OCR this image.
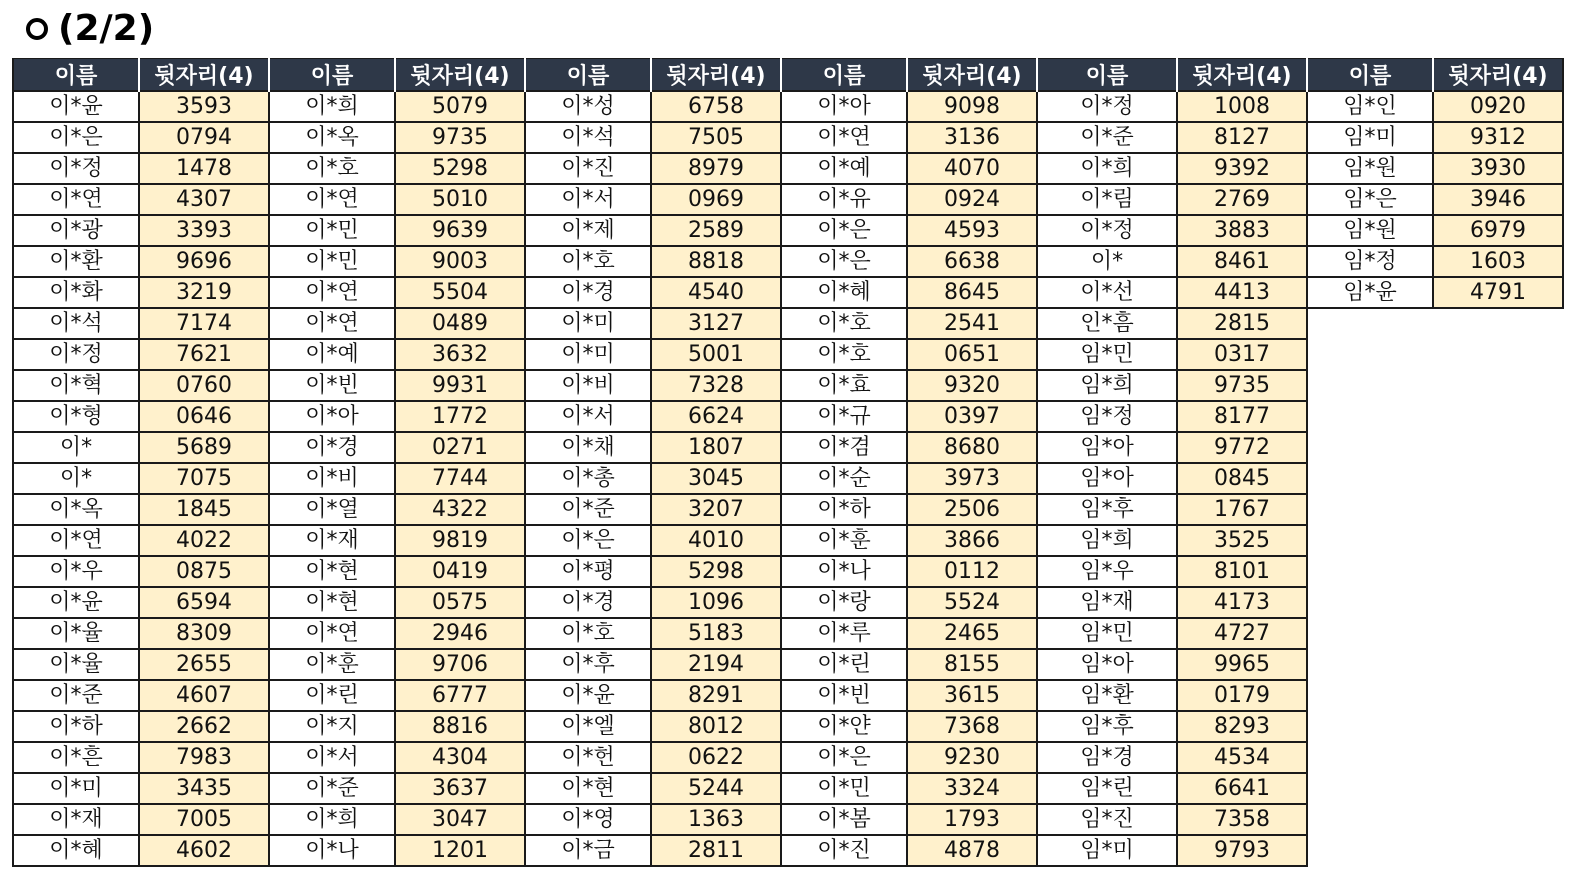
(2/2)
이름	뒷자리(4)	이름	뒷자리(4)	이름	뒷자리(4)	이름	뒷자리(4)	이름	뒷자리(4)	이름	뒷자리(4)
이*윤	3593	이*희	5079	이*성	6758	이*아	9098	이*정	1008	임*인	0920
이*은	0794	이*옥	9735	이*석	7505	이*연	3136	이*준	8127	임*미	9312
이*정	1478	이*호	5298	이*진	8979	이*예	4070	이*희	9392	임*원	3930
이*연	4307	이*연	5010	이*서	0969	이*유	0924	이*림	2769	임*은	3946
이*광	3393	이*민	9639	이*제	2589	이*은	4593	이*정	3883	임*원	6979
이*환	9696	이*민	9003	이*호	8818	이*은	6638	이*	8461	임*정	1603
이*화	3219	이*연	5504	이*경	4540	이*혜	8645	이*선	4413	임*윤	4791
이*석	7174	이*연	0489	이*미	3127	이*호	2541	인*흠	2815		
이*정	7621	이*예	3632	이*미	5001	이*호	0651	임*민	0317		
이*혁	0760	이*빈	9931	이*비	7328	이*효	9320	임*희	9735		
이*형	0646	이*아	1772	이*서	6624	이*규	0397	임*정	8177		
이*	5689	이*경	0271	이*채	1807	이*겸	8680	임*아	9772		
이*	7075	이*비	7744	이*총	3045	이*순	3973	임*아	0845		
이*옥	1845	이*열	4322	이*준	3207	이*하	2506	임*후	1767		
이*연	4022	이*재	9819	이*은	4010	이*훈	3866	임*희	3525		
이*우	0875	이*현	0419	이*평	5298	이*나	0112	임*우	8101		
이*윤	6594	이*현	0575	이*경	1096	이*랑	5524	임*재	4173		
이*율	8309	이*연	2946	이*호	5183	이*루	2465	임*민	4727		
이*율	2655	이*훈	9706	이*후	2194	이*린	8155	임*아	9965		
이*준	4607	이*린	6777	이*윤	8291	이*빈	3615	임*환	0179		
이*하	2662	이*지	8816	이*엘	8012	이*얀	7368	임*후	8293		
이*흔	7983	이*서	4304	이*헌	0622	이*은	9230	임*경	4534		
이*미	3435	이*준	3637	이*현	5244	이*민	3324	임*린	6641		
이*재	7005	이*희	3047	이*영	1363	이*봄	1793	임*진	7358		
이*혜	4602	이*나	1201	이*금	2811	이*진	4878	임*미	9793		
